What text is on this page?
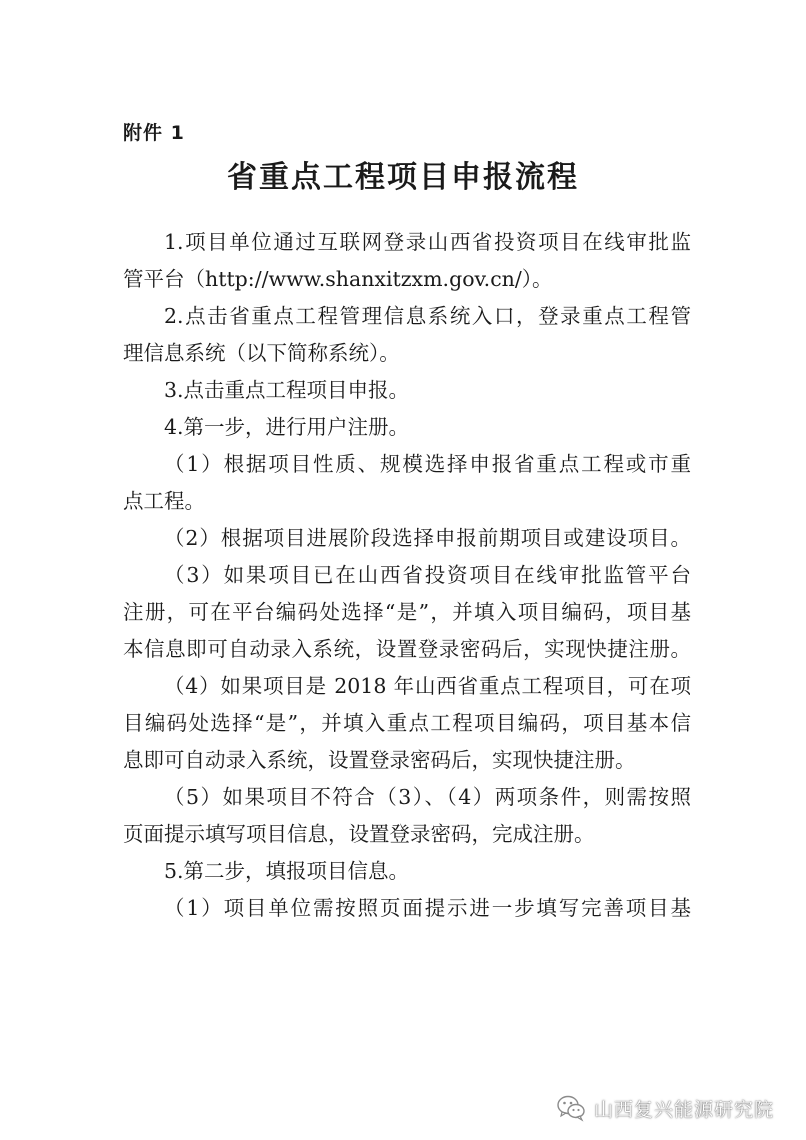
附件 1
省重点工程项目申报流程
1.项目单位通过互联网登录山西省投资项目在线审批监
管平台（http://www.shanxitzxm.gov.cn/）。
2.点击省重点工程管理信息系统入口，登录重点工程管
理信息系统（以下简称系统）。
3.点击重点工程项目申报。
4.第一步，进行用户注册。
（1）根据项目性质、规模选择申报省重点工程或市重
点工程。
（2）根据项目进展阶段选择申报前期项目或建设项目。
（3）如果项目已在山西省投资项目在线审批监管平台
注册，可在平台编码处选择“是”，并填入项目编码，项目基
本信息即可自动录入系统，设置登录密码后，实现快捷注册。
（4）如果项目是 2018 年山西省重点工程项目，可在项
目编码处选择“是”，并填入重点工程项目编码，项目基本信
息即可自动录入系统，设置登录密码后，实现快捷注册。
（5）如果项目不符合（3）、（4）两项条件，则需按照
页面提示填写项目信息，设置登录密码，完成注册。
5.第二步，填报项目信息。
（1）项目单位需按照页面提示进一步填写完善项目基
山西复兴能源研究院
